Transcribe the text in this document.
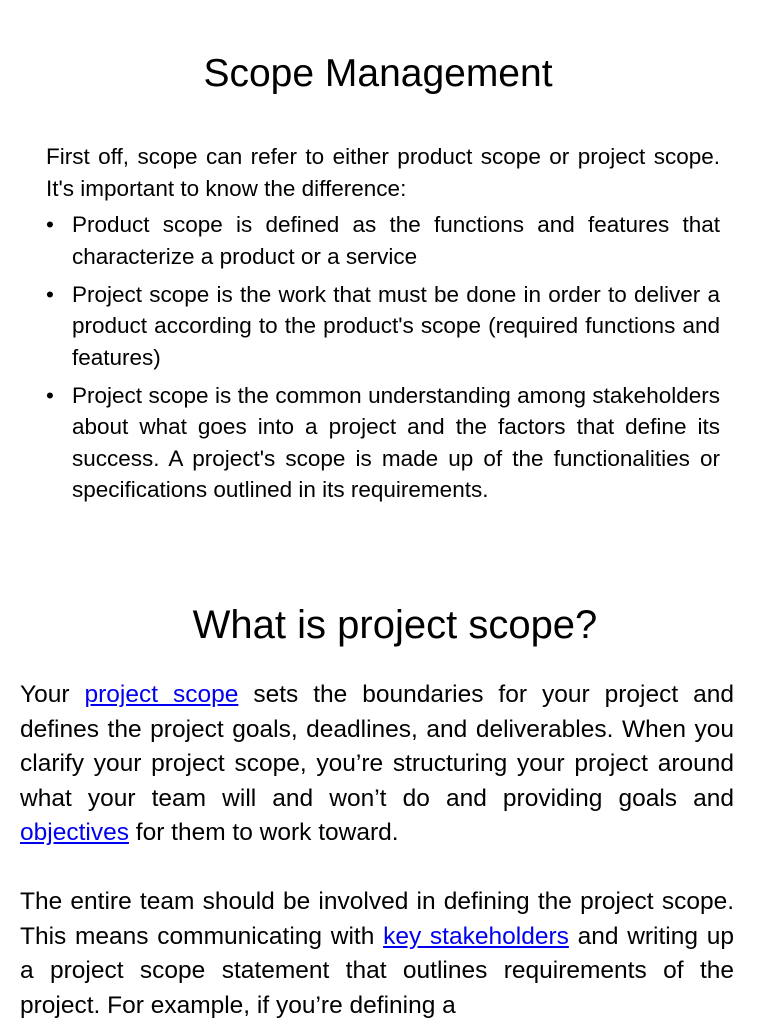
Scope Management

First off, scope can refer to either product scope or project scope. It's important to know the difference:

• Product scope is defined as the functions and features that characterize a product or a service
• Project scope is the work that must be done in order to deliver a product according to the product's scope (required functions and features)
• Project scope is the common understanding among stakeholders about what goes into a project and the factors that define its success. A project's scope is made up of the functionalities or specifications outlined in its requirements.
What is project scope?

Your project scope sets the boundaries for your project and defines the project goals, deadlines, and deliverables. When you clarify your project scope, you’re structuring your project around what your team will and won’t do and providing goals and objectives for them to work toward.

The entire team should be involved in defining the project scope. This means communicating with key stakeholders and writing up a project scope statement that outlines requirements of the project. For example, if you’re defining a
